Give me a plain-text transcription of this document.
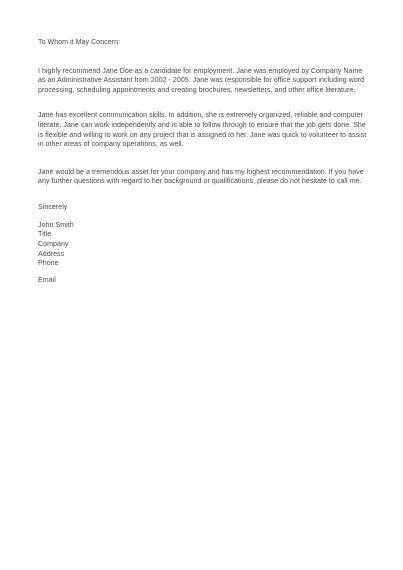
To Whom it May Concern:

I highly recommend Jane Doe as a candidate for employment. Jane was employed by Company Name as an Administrative Assistant from 2002 - 2005. Jane was responsible for office support including word processing, scheduling appointments and creating brochures, newsletters, and other office literature.

Jane has excellent communication skills. In addition, she is extremely organized, reliable and computer literate. Jane can work independently and is able to follow through to ensure that the job gets done. She is flexible and willing to work on any project that is assigned to her. Jane was quick to volunteer to assist in other areas of company operations, as well.

Jane would be a tremendous asset for your company and has my highest recommendation. If you have any further questions with regard to her background or qualifications, please do not hesitate to call me.

Sincerely

John Smith
Title
Company
Address
Phone
Email
